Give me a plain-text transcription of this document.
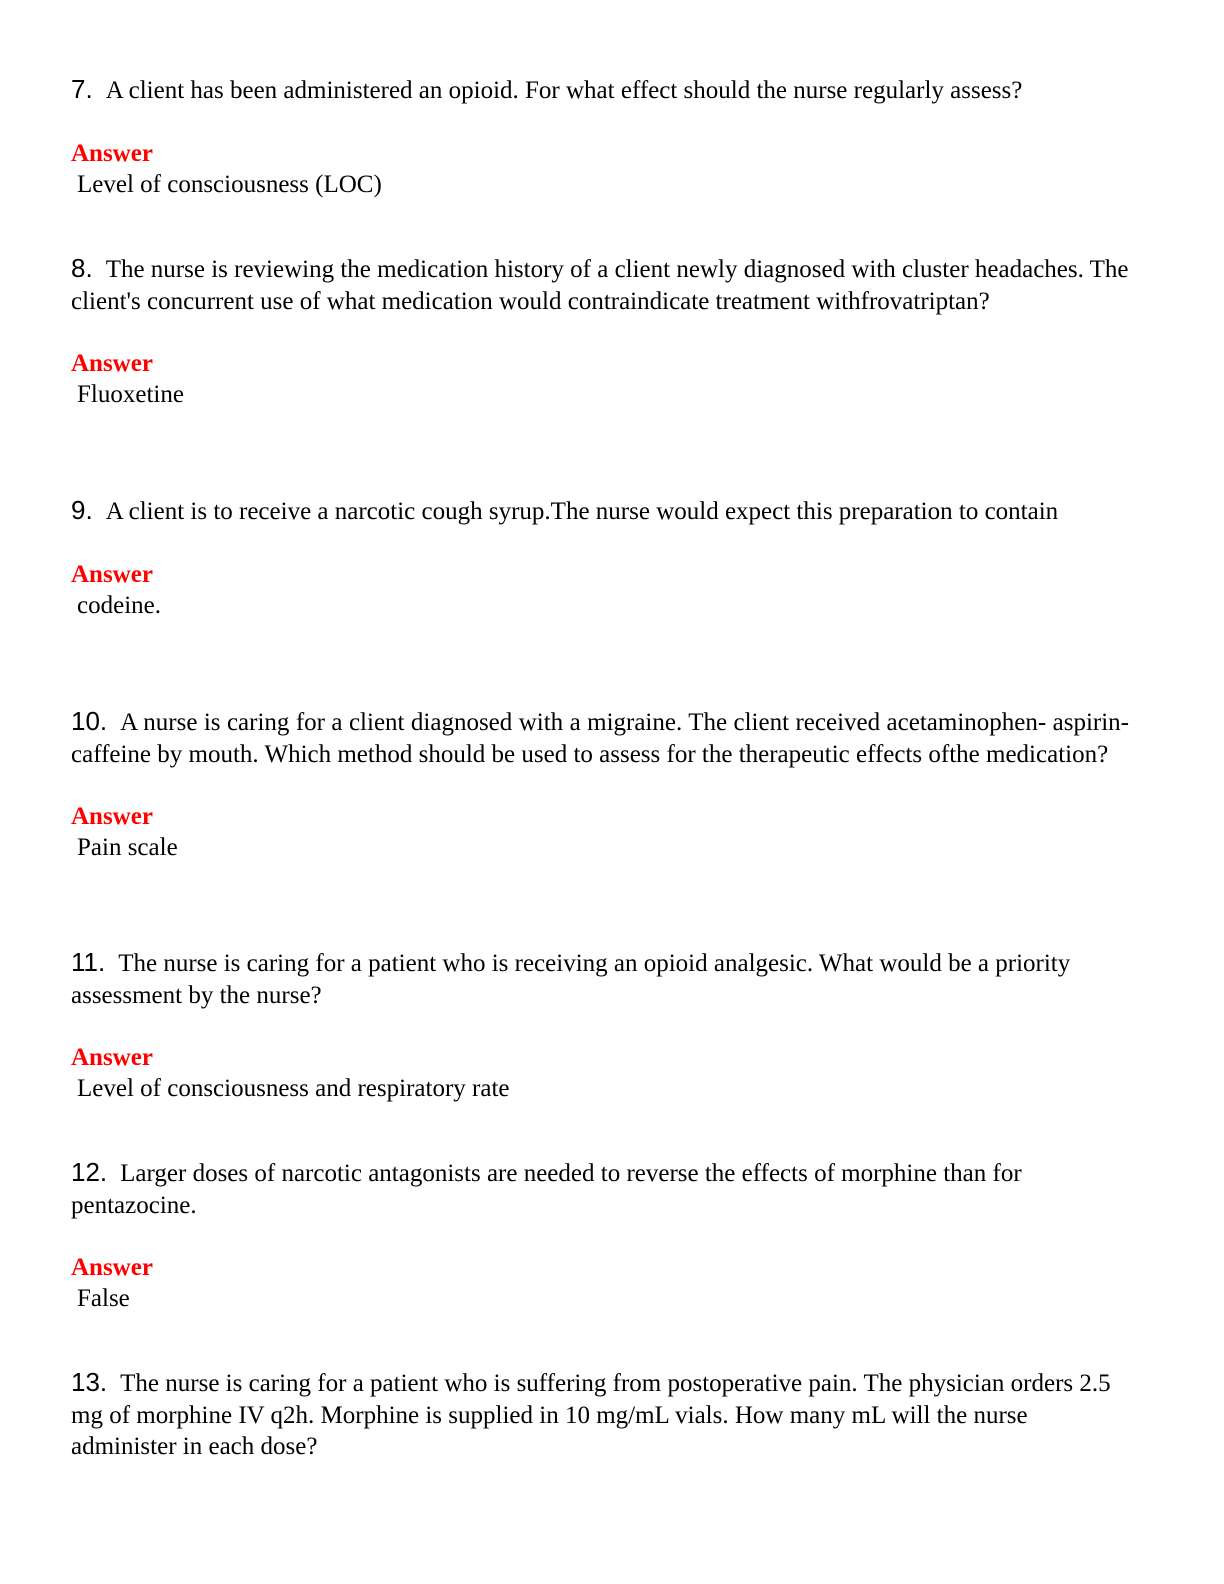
7. A client has been administered an opioid. For what effect should the nurse regularly assess?

Answer

Level of consciousness (LOC)

8. The nurse is reviewing the medication history of a client newly diagnosed with cluster headaches. The client's concurrent use of what medication would contraindicate treatment withfrovatriptan?

Answer

Fluoxetine

9. A client is to receive a narcotic cough syrup.The nurse would expect this preparation to contain

Answer

codeine.

10. A nurse is caring for a client diagnosed with a migraine. The client received acetaminophen- aspirin-caffeine by mouth. Which method should be used to assess for the therapeutic effects ofthe medication?

Answer

Pain scale

11. The nurse is caring for a patient who is receiving an opioid analgesic. What would be a priority assessment by the nurse?

Answer

Level of consciousness and respiratory rate

12. Larger doses of narcotic antagonists are needed to reverse the effects of morphine than for pentazocine.

Answer

False

13. The nurse is caring for a patient who is suffering from postoperative pain. The physician orders 2.5 mg of morphine IV q2h. Morphine is supplied in 10 mg/mL vials. How many mL will the nurse administer in each dose?
